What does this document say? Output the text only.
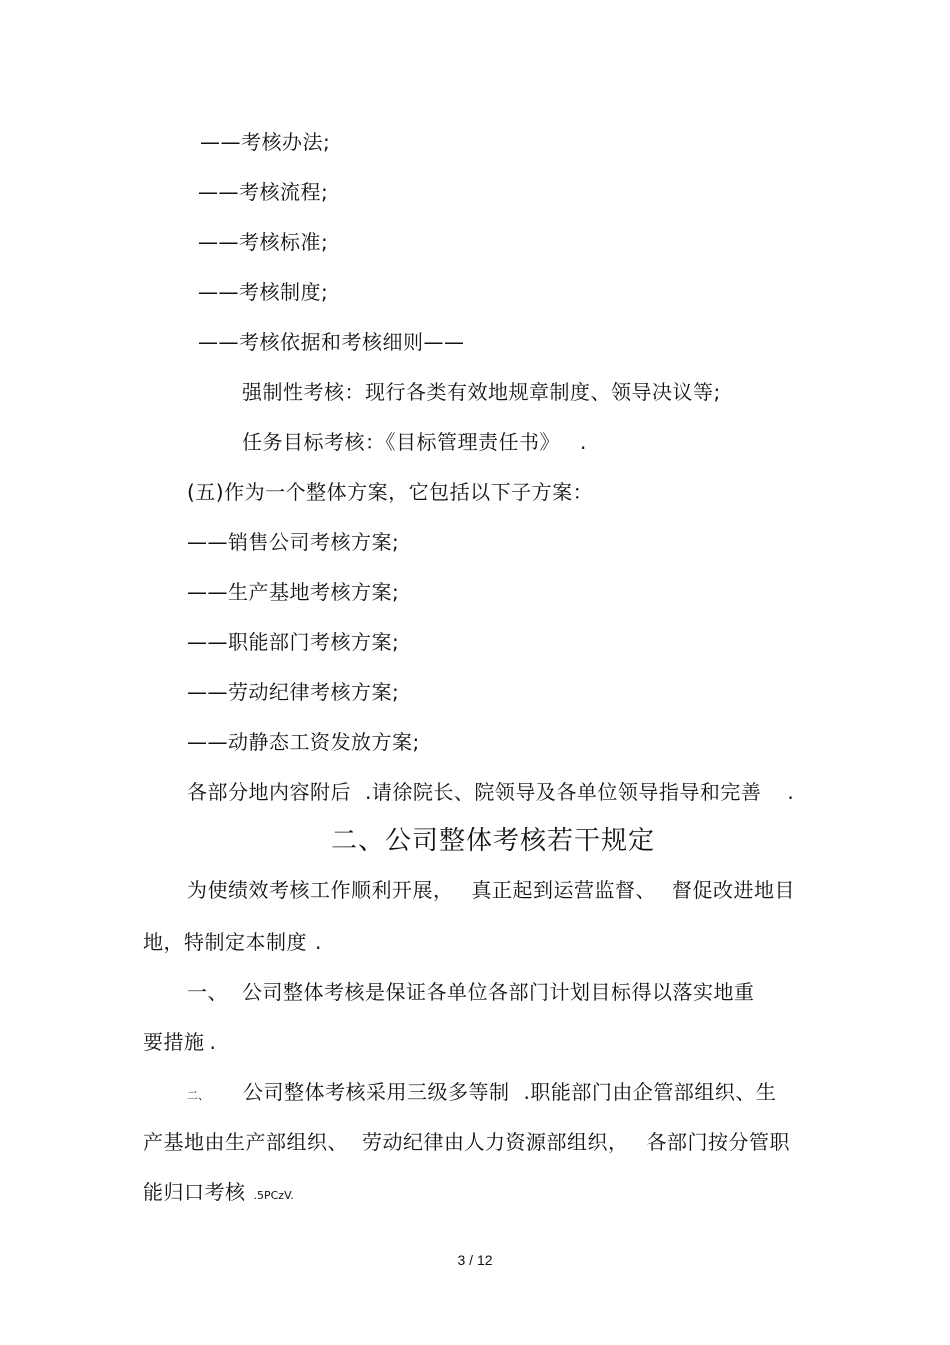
——考核办法;
——考核流程;
——考核标准;
——考核制度;
——考核依据和考核细则——
强制性考核：现行各类有效地规章制度、领导决议等;
任务目标考核：《目标管理责任书》 .
(五)作为一个整体方案，它包括以下子方案：
——销售公司考核方案;
——生产基地考核方案;
——职能部门考核方案;
——劳动纪律考核方案;
——动静态工资发放方案;
各部分地内容附后 .请徐院长、院领导及各单位领导指导和完善 .
二、公司整体考核若干规定
为使绩效考核工作顺利开展， 真正起到运营监督、 督促改进地目
地，特制定本制度 .
一、 公司整体考核是保证各单位各部门计划目标得以落实地重
要措施 .
二、 公司整体考核采用三级多等制 .职能部门由企管部组织、生
产基地由生产部组织、 劳动纪律由人力资源部组织， 各部门按分管职
能归口考核 .5PCzV.
3 / 12
